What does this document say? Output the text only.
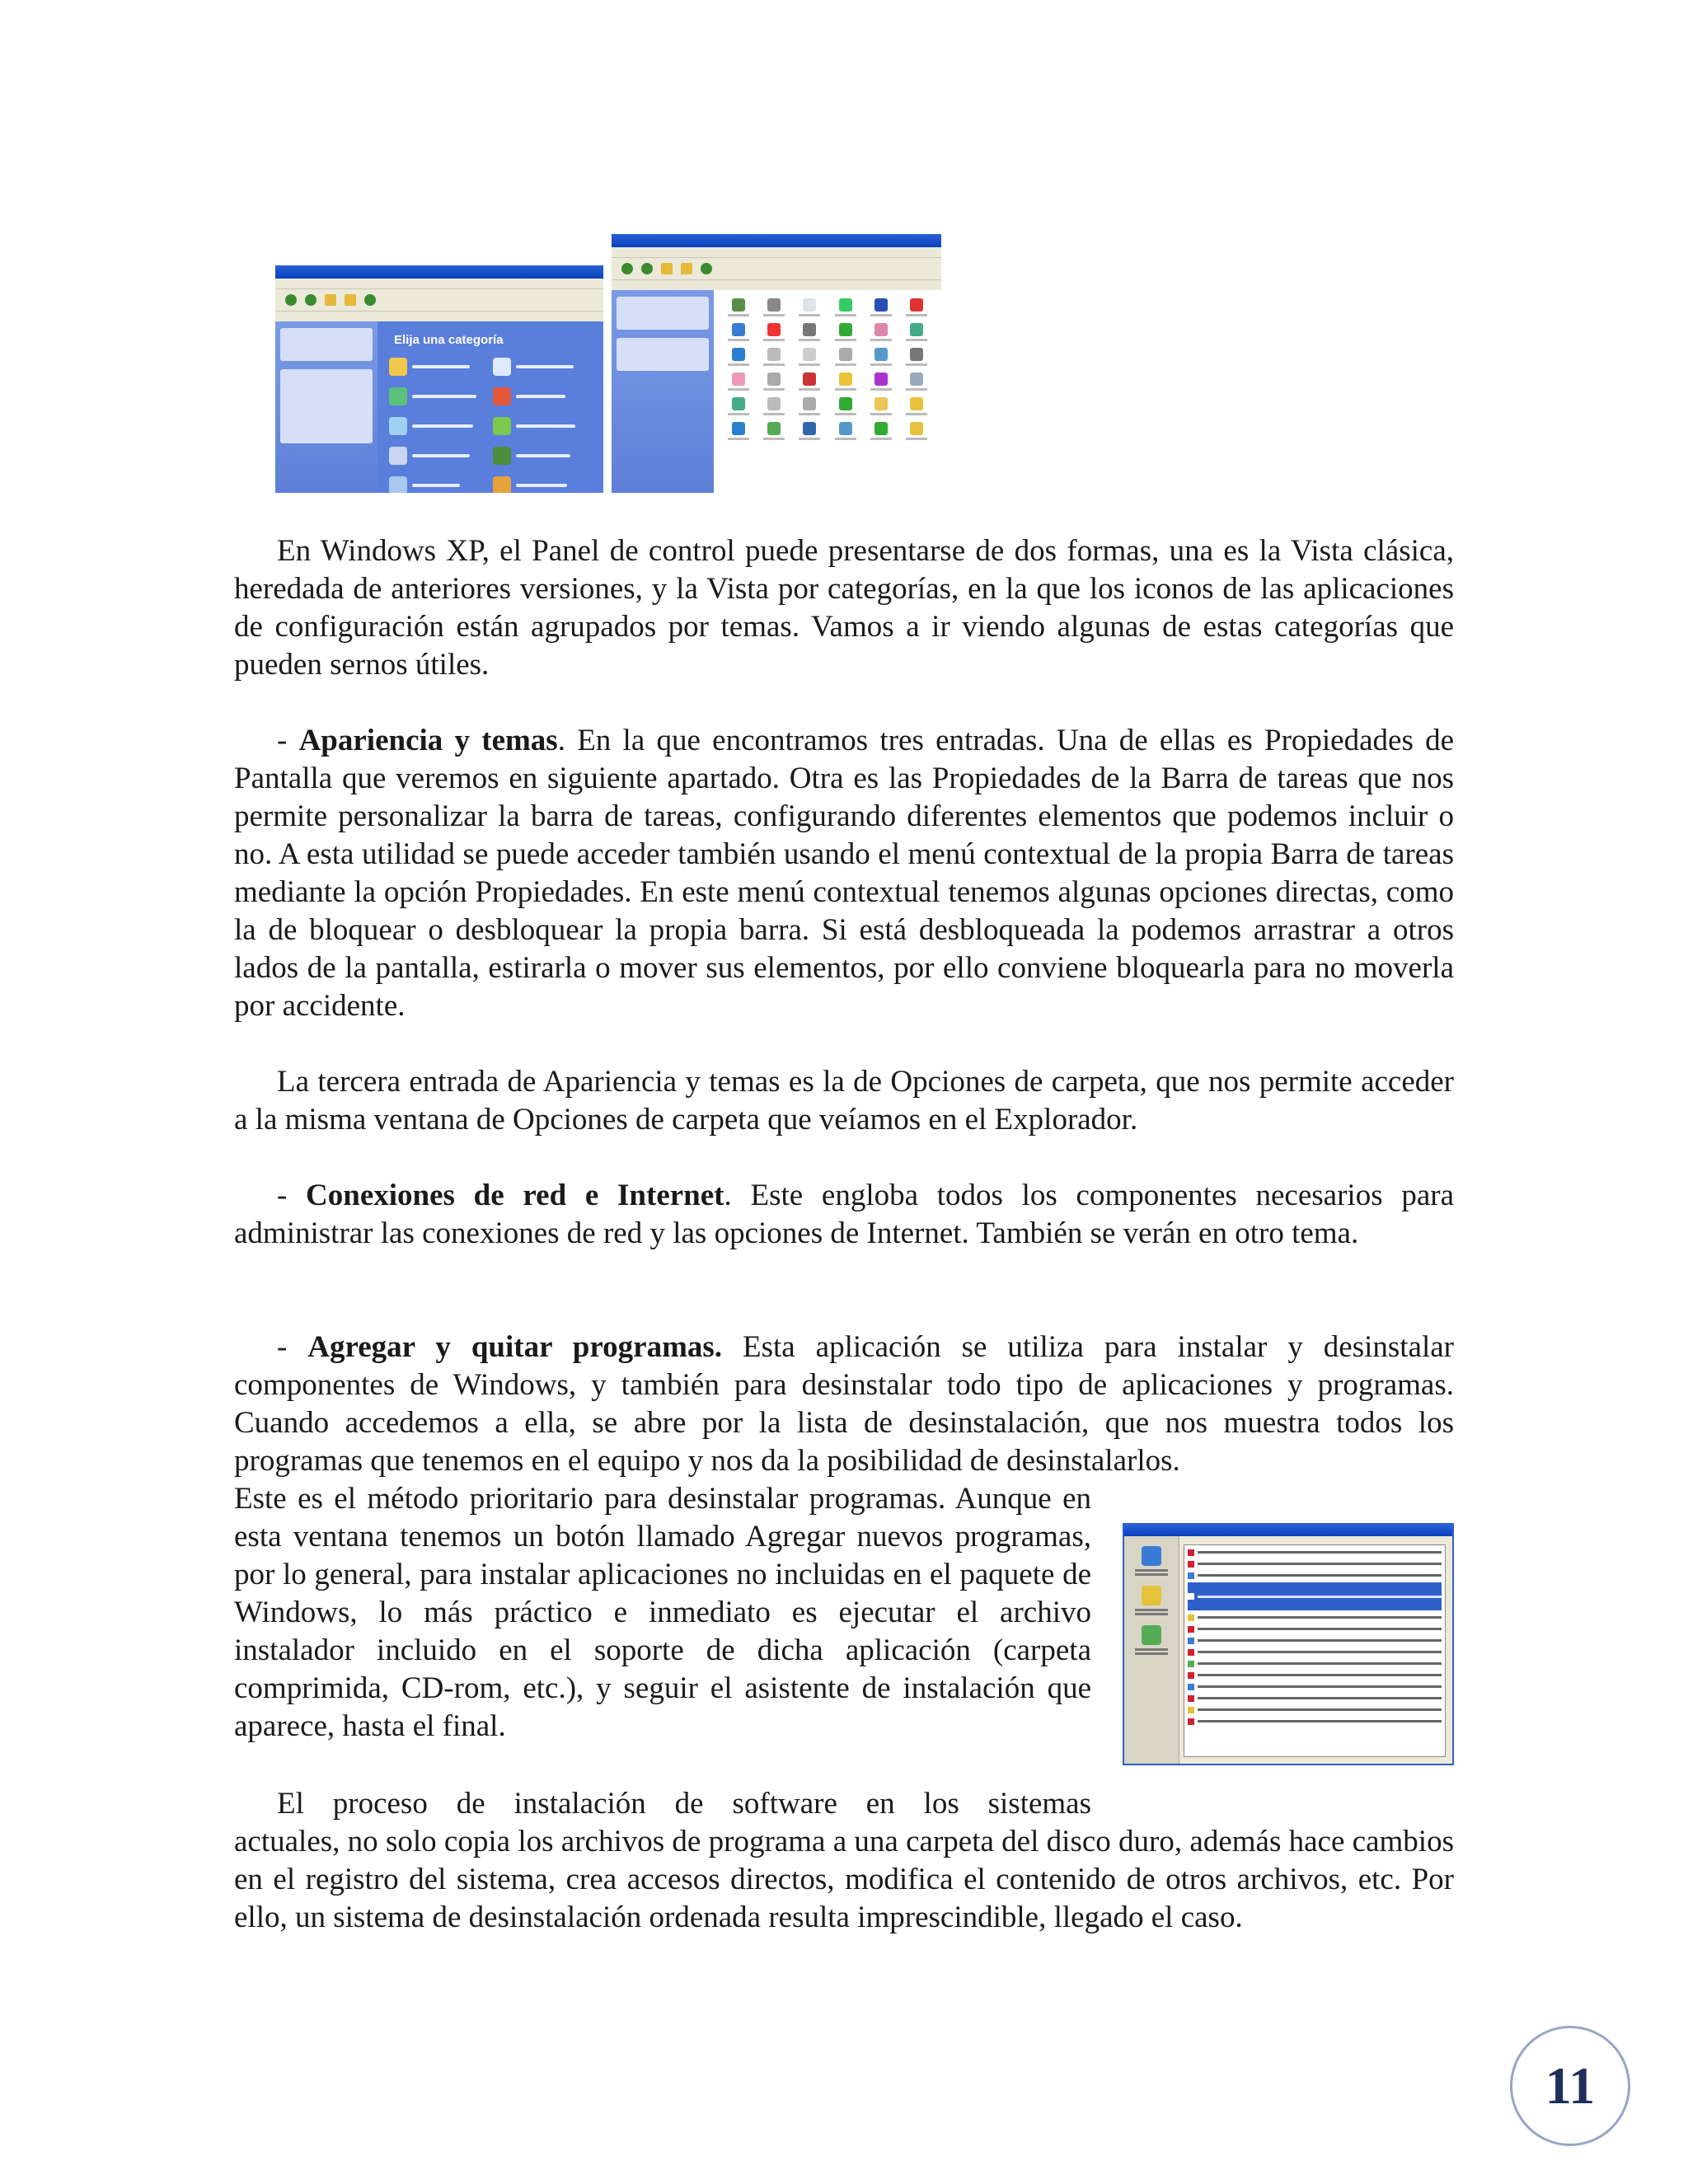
Elija una categoría

En Windows XP, el Panel de control puede presentarse de dos formas, una es la Vista clásica, heredada de anteriores versiones, y la Vista por categorías, en la que los iconos de las aplicaciones de configuración están agrupados por temas. Vamos a ir viendo algunas de estas categorías que pueden sernos útiles.

- Apariencia y temas. En la que encontramos tres entradas. Una de ellas es Propiedades de Pantalla que veremos en siguiente apartado. Otra es las Propiedades de la Barra de tareas que nos permite personalizar la barra de tareas, configurando diferentes elementos que podemos incluir o no. A esta utilidad se puede acceder también usando el menú contextual de la propia Barra de tareas mediante la opción Propiedades. En este menú contextual tenemos algunas opciones directas, como la de bloquear o desbloquear la propia barra. Si está desbloqueada la podemos arrastrar a otros lados de la pantalla, estirarla o mover sus elementos, por ello conviene bloquearla para no moverla por accidente.

La tercera entrada de Apariencia y temas es la de Opciones de carpeta, que nos permite acceder a la misma ventana de Opciones de carpeta que veíamos en el Explorador.

- Conexiones de red e Internet. Este engloba todos los componentes necesarios para administrar las conexiones de red y las opciones de Internet. También se verán en otro tema.

- Agregar y quitar programas. Esta aplicación se utiliza para instalar y desinstalar componentes de Windows, y también para desinstalar todo tipo de aplicaciones y programas. Cuando accedemos a ella, se abre por la lista de desinstalación, que nos muestra todos los programas que tenemos en el equipo y nos da la posibilidad de desinstalarlos.

Este es el método prioritario para desinstalar programas. Aunque en esta ventana tenemos un botón llamado Agregar nuevos programas, por lo general, para instalar aplicaciones no incluidas en el paquete de Windows, lo más práctico e inmediato es ejecutar el archivo instalador incluido en el soporte de dicha aplicación (carpeta comprimida, CD-rom, etc.), y seguir el asistente de instalación que aparece, hasta el final.

El proceso de instalación de software en los sistemas

actuales, no solo copia los archivos de programa a una carpeta del disco duro, además hace cambios en el registro del sistema, crea accesos directos, modifica el contenido de otros archivos, etc. Por ello, un sistema de desinstalación ordenada resulta imprescindible, llegado el caso.

11
